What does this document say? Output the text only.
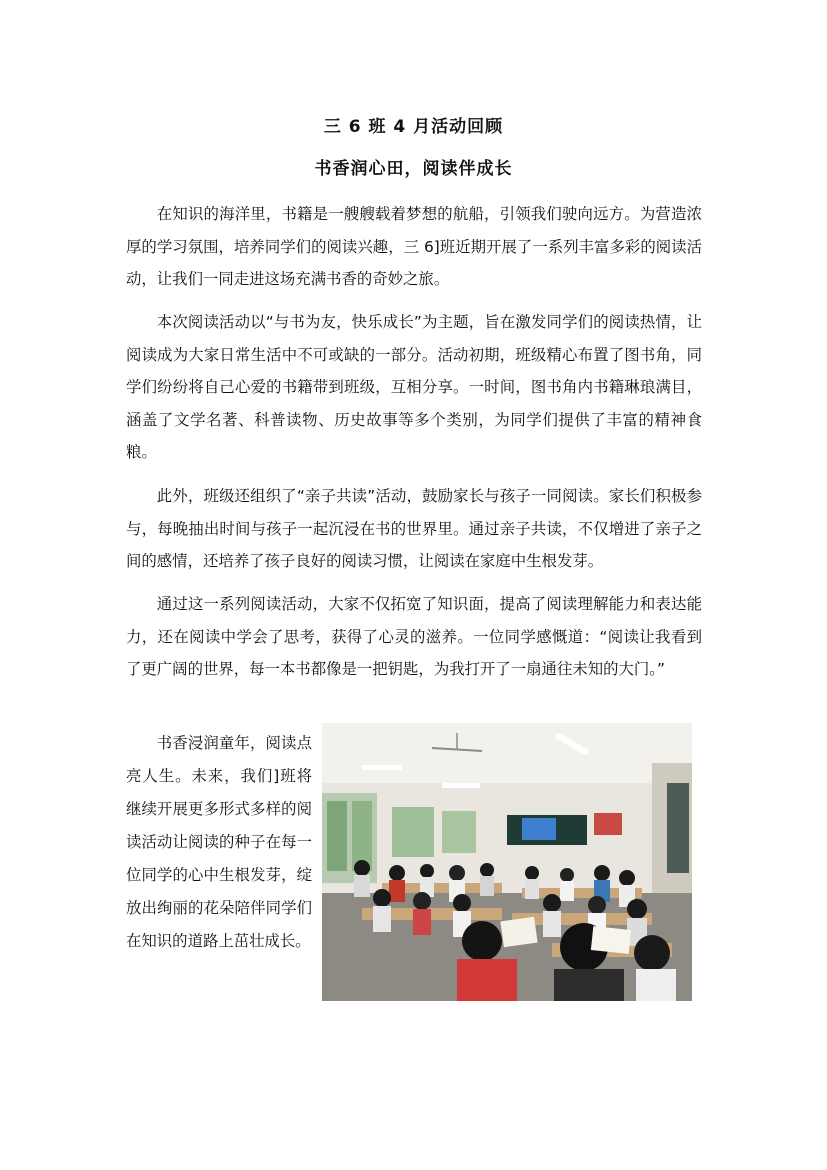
三 6 班 4 月活动回顾
书香润心田，阅读伴成长

在知识的海洋里，书籍是一艘艘载着梦想的航船，引领我们驶向远方。为营造浓厚的学习氛围，培养同学们的阅读兴趣，三 6]班近期开展了一系列丰富多彩的阅读活动，让我们一同走进这场充满书香的奇妙之旅。

本次阅读活动以“与书为友，快乐成长”为主题，旨在激发同学们的阅读热情，让阅读成为大家日常生活中不可或缺的一部分。活动初期，班级精心布置了图书角，同学们纷纷将自己心爱的书籍带到班级，互相分享。一时间，图书角内书籍琳琅满目，涵盖了文学名著、科普读物、历史故事等多个类别，为同学们提供了丰富的精神食粮。

此外，班级还组织了“亲子共读”活动，鼓励家长与孩子一同阅读。家长们积极参与，每晚抽出时间与孩子一起沉浸在书的世界里。通过亲子共读，不仅增进了亲子之间的感情，还培养了孩子良好的阅读习惯，让阅读在家庭中生根发芽。

通过这一系列阅读活动，大家不仅拓宽了知识面，提高了阅读理解能力和表达能力，还在阅读中学会了思考，获得了心灵的滋养。一位同学感慨道：“阅读让我看到了更广阔的世界，每一本书都像是一把钥匙，为我打开了一扇通往未知的大门。”

书香浸润童年，阅读点亮人生。未来，我们]班将继续开展更多形式多样的阅读活动让阅读的种子在每一位同学的心中生根发芽，绽放出绚丽的花朵陪伴同学们在知识的道路上茁壮成长。
